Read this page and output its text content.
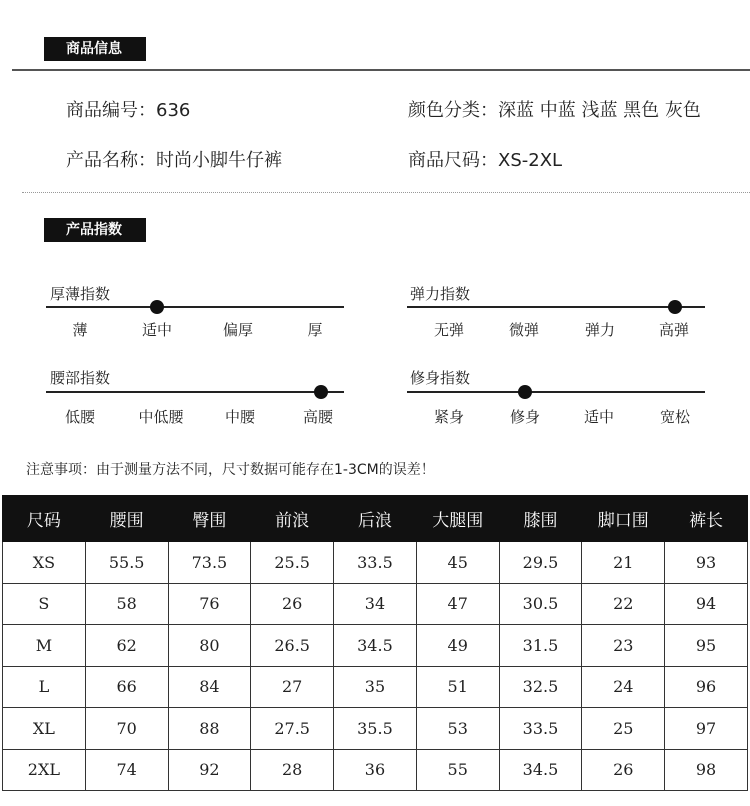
商品信息
商品编号：636	颜色分类：深蓝 中蓝 浅蓝 黑色 灰色
产品名称：时尚小脚牛仔裤	商品尺码：XS-2XL
产品指数
厚薄指数
薄	适中	偏厚	厚
弹力指数
无弹	微弹	弹力	高弹
腰部指数
低腰	中低腰	中腰	高腰
修身指数
紧身	修身	适中	宽松
注意事项：由于测量方法不同，尺寸数据可能存在1-3CM的误差！
尺码	腰围	臀围	前浪	后浪	大腿围	膝围	脚口围	裤长
XS	55.5	73.5	25.5	33.5	45	29.5	21	93
S	58	76	26	34	47	30.5	22	94
M	62	80	26.5	34.5	49	31.5	23	95
L	66	84	27	35	51	32.5	24	96
XL	70	88	27.5	35.5	53	33.5	25	97
2XL	74	92	28	36	55	34.5	26	98
